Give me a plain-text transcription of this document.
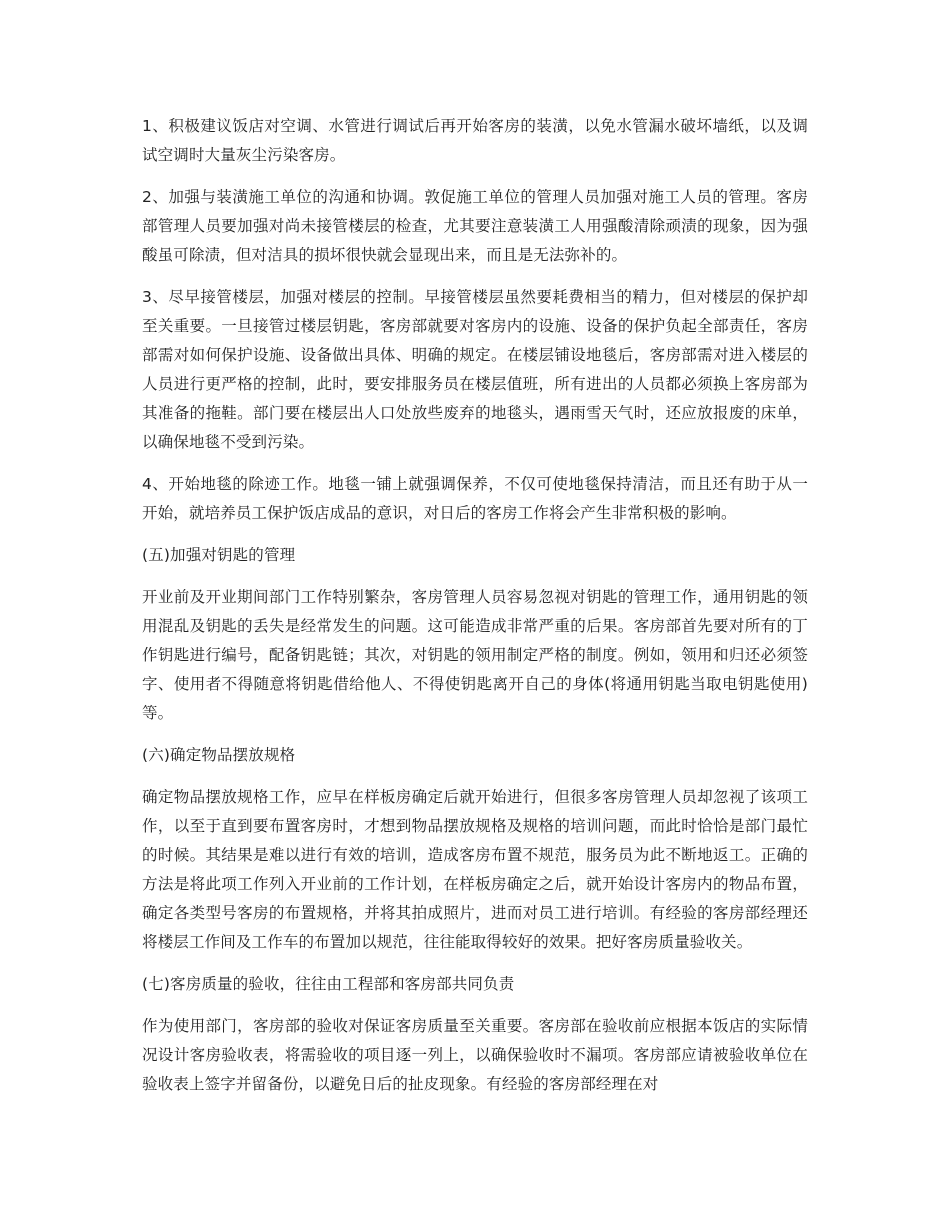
1、积极建议饭店对空调、水管进行调试后再开始客房的装潢，以免水管漏水破坏墙纸，以及调试空调时大量灰尘污染客房。

2、加强与装潢施工单位的沟通和协调。敦促施工单位的管理人员加强对施工人员的管理。客房部管理人员要加强对尚未接管楼层的检查，尤其要注意装潢工人用强酸清除顽渍的现象，因为强酸虽可除渍，但对洁具的损坏很快就会显现出来，而且是无法弥补的。

3、尽早接管楼层，加强对楼层的控制。早接管楼层虽然要耗费相当的精力，但对楼层的保护却至关重要。一旦接管过楼层钥匙，客房部就要对客房内的设施、设备的保护负起全部责任，客房部需对如何保护设施、设备做出具体、明确的规定。在楼层铺设地毯后，客房部需对进入楼层的人员进行更严格的控制，此时，要安排服务员在楼层值班，所有进出的人员都必须换上客房部为其准备的拖鞋。部门要在楼层出人口处放些废弃的地毯头，遇雨雪天气时，还应放报废的床单，以确保地毯不受到污染。

4、开始地毯的除迹工作。地毯一铺上就强调保养，不仅可使地毯保持清洁，而且还有助于从一开始，就培养员工保护饭店成品的意识，对日后的客房工作将会产生非常积极的影响。

(五)加强对钥匙的管理

开业前及开业期间部门工作特别繁杂，客房管理人员容易忽视对钥匙的管理工作，通用钥匙的领用混乱及钥匙的丢失是经常发生的问题。这可能造成非常严重的后果。客房部首先要对所有的丁作钥匙进行编号，配备钥匙链；其次，对钥匙的领用制定严格的制度。例如，领用和归还必须签字、使用者不得随意将钥匙借给他人、不得使钥匙离开自己的身体(将通用钥匙当取电钥匙使用)等。

(六)确定物品摆放规格

确定物品摆放规格工作，应早在样板房确定后就开始进行，但很多客房管理人员却忽视了该项工作，以至于直到要布置客房时，才想到物品摆放规格及规格的培训问题，而此时恰恰是部门最忙的时候。其结果是难以进行有效的培训，造成客房布置不规范，服务员为此不断地返工。正确的方法是将此项工作列入开业前的工作计划，在样板房确定之后，就开始设计客房内的物品布置，确定各类型号客房的布置规格，并将其拍成照片，进而对员工进行培训。有经验的客房部经理还将楼层工作间及工作车的布置加以规范，往往能取得较好的效果。把好客房质量验收关。

(七)客房质量的验收，往往由工程部和客房部共同负责

作为使用部门，客房部的验收对保证客房质量至关重要。客房部在验收前应根据本饭店的实际情况设计客房验收表，将需验收的项目逐一列上，以确保验收时不漏项。客房部应请被验收单位在验收表上签字并留备份，以避免日后的扯皮现象。有经验的客房部经理在对
